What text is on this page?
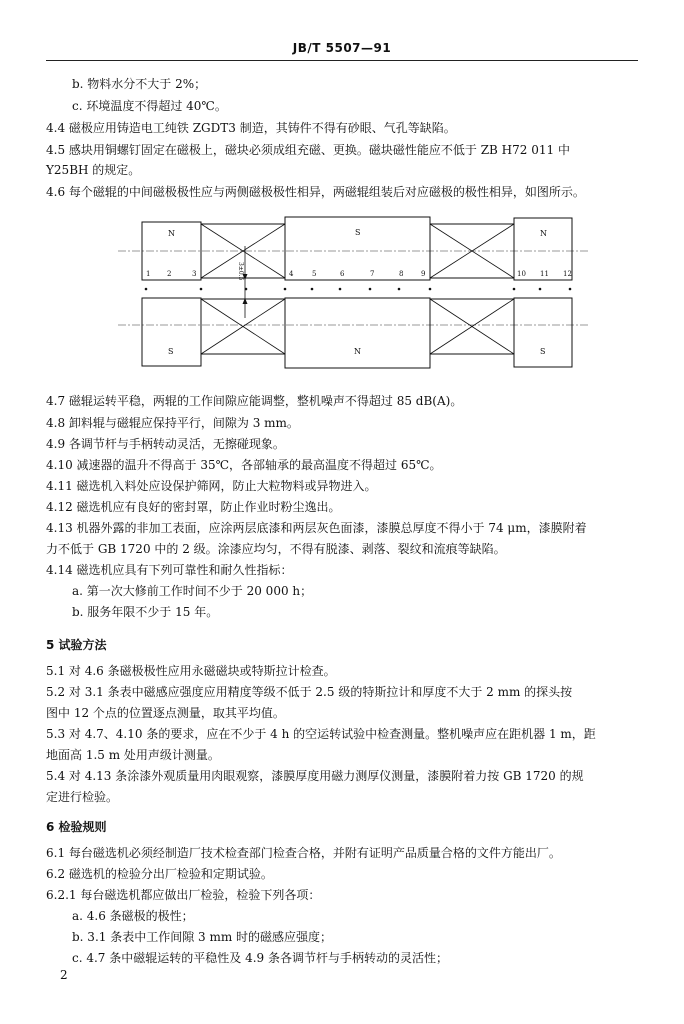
JB/T 5507—91
b. 物料水分不大于 2%；
c. 环境温度不得超过 40℃。
4.4 磁极应用铸造电工纯铁 ZGDT3 制造，其铸件不得有砂眼、气孔等缺陷。
4.5 感块用铜螺钉固定在磁极上，磁块必须成组充磁、更换。磁块磁性能应不低于 ZB H72 011 中
Y25BH 的规定。
4.6 每个磁辊的中间磁极极性应与两侧磁极极性相异，两磁辊组装后对应磁极的极性相异，如图所示。
N	S	N
S	N	S
1 2	3	4	5	6	7	8	9	10 11 12
3±0.5
4.7 磁辊运转平稳，两辊的工作间隙应能调整，整机噪声不得超过 85 dB(A)。
4.8 卸料辊与磁辊应保持平行，间隙为 3 mm。
4.9 各调节杆与手柄转动灵活，无擦碰现象。
4.10 减速器的温升不得高于 35℃，各部轴承的最高温度不得超过 65℃。
4.11 磁选机入料处应设保护筛网，防止大粒物料或异物进入。
4.12 磁选机应有良好的密封罩，防止作业时粉尘逸出。
4.13 机器外露的非加工表面，应涂两层底漆和两层灰色面漆，漆膜总厚度不得小于 74 μm，漆膜附着
力不低于 GB 1720 中的 2 级。涂漆应均匀，不得有脱漆、剥落、裂纹和流痕等缺陷。
4.14 磁选机应具有下列可靠性和耐久性指标：
a. 第一次大修前工作时间不少于 20 000 h；
b. 服务年限不少于 15 年。
5 试验方法
5.1 对 4.6 条磁极极性应用永磁磁块或特斯拉计检查。
5.2 对 3.1 条表中磁感应强度应用精度等级不低于 2.5 级的特斯拉计和厚度不大于 2 mm 的探头按
图中 12 个点的位置逐点测量，取其平均值。
5.3 对 4.7、4.10 条的要求，应在不少于 4 h 的空运转试验中检查测量。整机噪声应在距机器 1 m，距
地面高 1.5 m 处用声级计测量。
5.4 对 4.13 条涂漆外观质量用肉眼观察，漆膜厚度用磁力测厚仪测量，漆膜附着力按 GB 1720 的规
定进行检验。
6 检验规则
6.1 每台磁选机必须经制造厂技术检查部门检查合格，并附有证明产品质量合格的文件方能出厂。
6.2 磁选机的检验分出厂检验和定期试验。
6.2.1 每台磁选机都应做出厂检验，检验下列各项：
a. 4.6 条磁极的极性；
b. 3.1 条表中工作间隙 3 mm 时的磁感应强度；
c. 4.7 条中磁辊运转的平稳性及 4.9 条各调节杆与手柄转动的灵活性；
2
